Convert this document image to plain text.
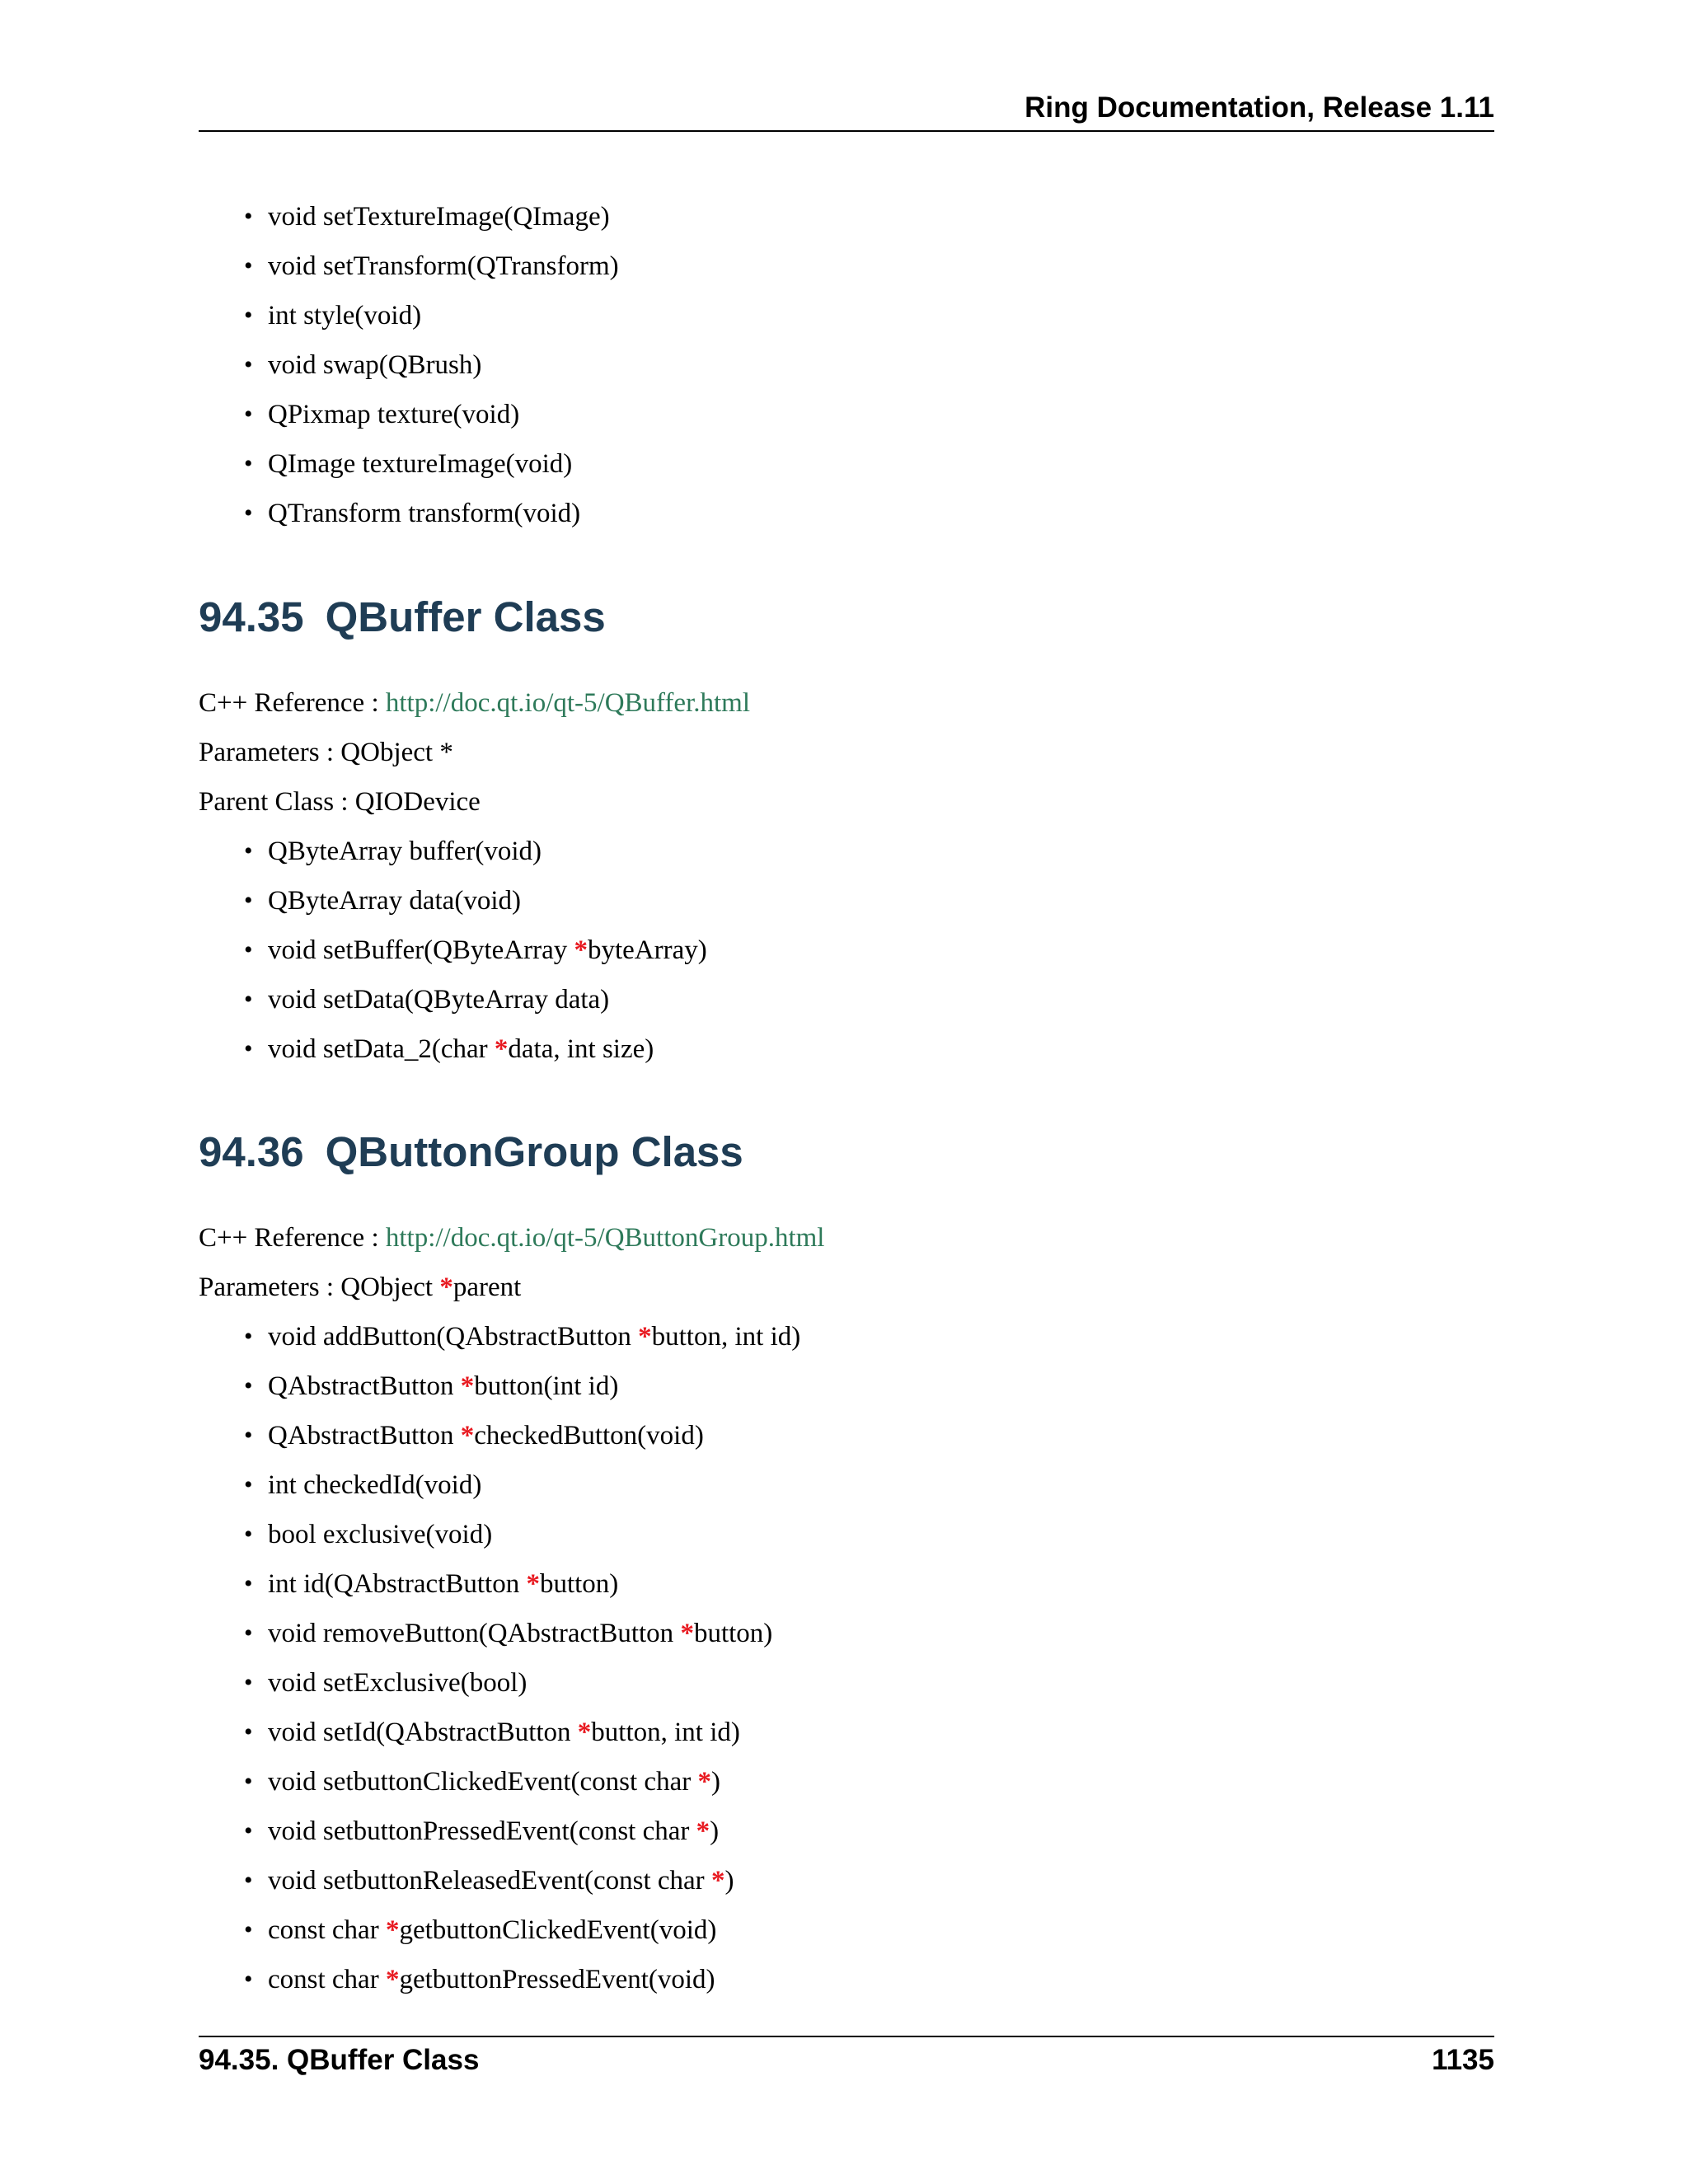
Ring Documentation, Release 1.11
• void setTextureImage(QImage)
• void setTransform(QTransform)
• int style(void)
• void swap(QBrush)
• QPixmap texture(void)
• QImage textureImage(void)
• QTransform transform(void)
94.35 QBuffer Class
C++ Reference : http://doc.qt.io/qt-5/QBuffer.html
Parameters : QObject *
Parent Class : QIODevice
• QByteArray buffer(void)
• QByteArray data(void)
• void setBuffer(QByteArray *byteArray)
• void setData(QByteArray data)
• void setData_2(char *data, int size)
94.36 QButtonGroup Class
C++ Reference : http://doc.qt.io/qt-5/QButtonGroup.html
Parameters : QObject *parent
• void addButton(QAbstractButton *button, int id)
• QAbstractButton *button(int id)
• QAbstractButton *checkedButton(void)
• int checkedId(void)
• bool exclusive(void)
• int id(QAbstractButton *button)
• void removeButton(QAbstractButton *button)
• void setExclusive(bool)
• void setId(QAbstractButton *button, int id)
• void setbuttonClickedEvent(const char *)
• void setbuttonPressedEvent(const char *)
• void setbuttonReleasedEvent(const char *)
• const char *getbuttonClickedEvent(void)
• const char *getbuttonPressedEvent(void)
94.35. QBuffer Class	1135
